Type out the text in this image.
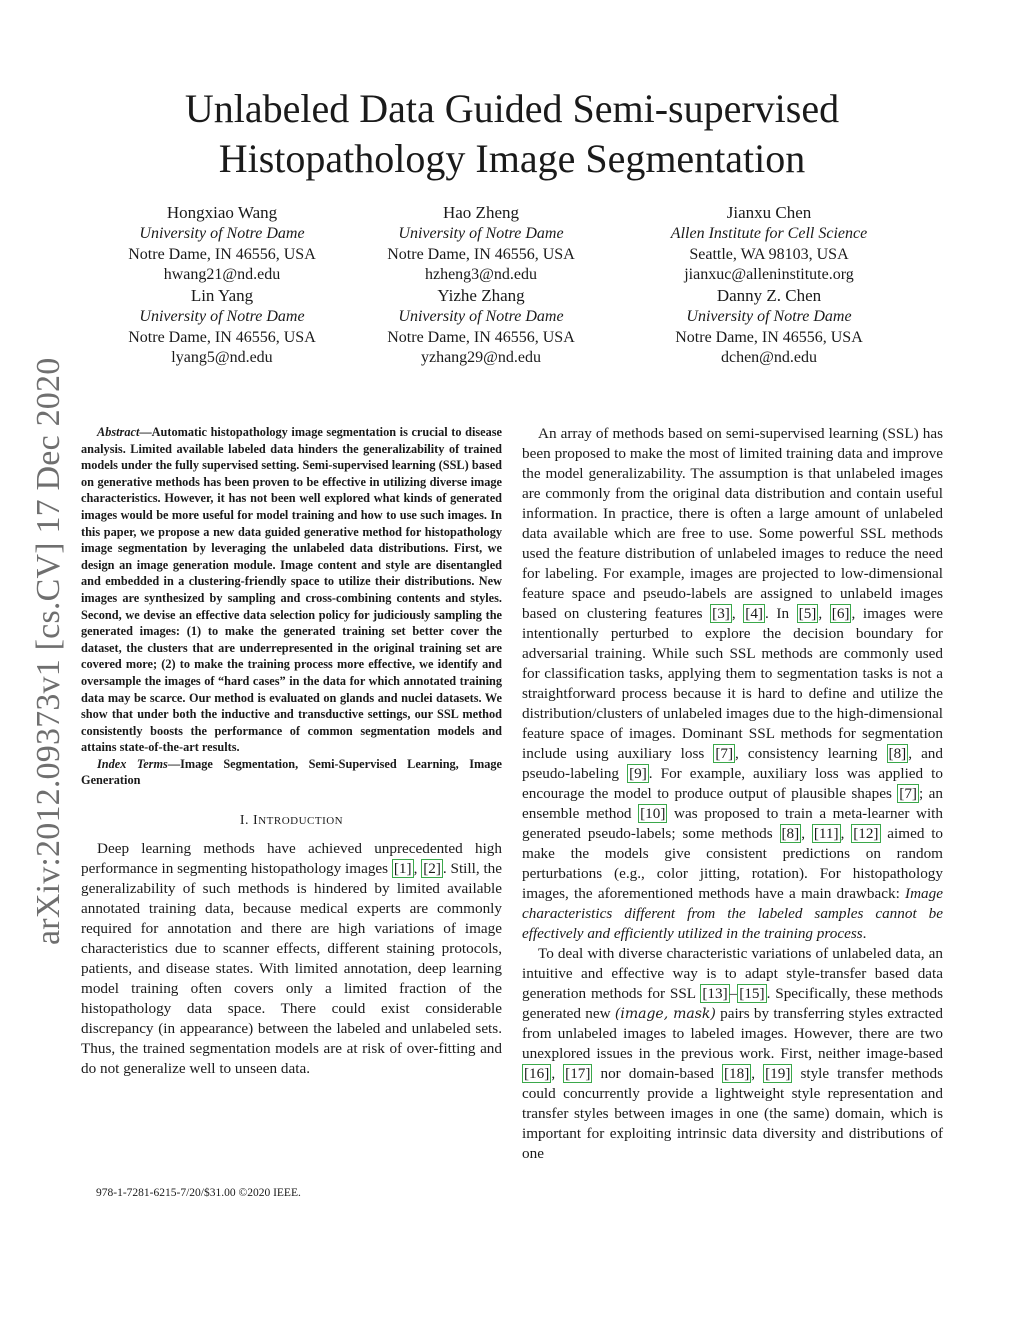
arXiv:2012.09373v1 [cs.CV] 17 Dec 2020
Unlabeled Data Guided Semi-supervised
Histopathology Image Segmentation
Hongxiao Wang
University of Notre Dame
Notre Dame, IN 46556, USA
hwang21@nd.edu
Hao Zheng
University of Notre Dame
Notre Dame, IN 46556, USA
hzheng3@nd.edu
Jianxu Chen
Allen Institute for Cell Science
Seattle, WA 98103, USA
jianxuc@alleninstitute.org
Lin Yang
University of Notre Dame
Notre Dame, IN 46556, USA
lyang5@nd.edu
Yizhe Zhang
University of Notre Dame
Notre Dame, IN 46556, USA
yzhang29@nd.edu
Danny Z. Chen
University of Notre Dame
Notre Dame, IN 46556, USA
dchen@nd.edu

Abstract—Automatic histopathology image segmentation is crucial to disease analysis. Limited available labeled data hinders the generalizability of trained models under the fully supervised setting. Semi-supervised learning (SSL) based on generative methods has been proven to be effective in utilizing diverse image characteristics. However, it has not been well explored what kinds of generated images would be more useful for model training and how to use such images. In this paper, we propose a new data guided generative method for histopathology image segmentation by leveraging the unlabeled data distributions. First, we design an image generation module. Image content and style are disentangled and embedded in a clustering-friendly space to utilize their distributions. New images are synthesized by sampling and cross-combining contents and styles. Second, we devise an effective data selection policy for judiciously sampling the generated images: (1) to make the generated training set better cover the dataset, the clusters that are underrepresented in the original training set are covered more; (2) to make the training process more effective, we identify and oversample the images of “hard cases” in the data for which annotated training data may be scarce. Our method is evaluated on glands and nuclei datasets. We show that under both the inductive and transductive settings, our SSL method consistently boosts the performance of common segmentation models and attains state-of-the-art results.

Index Terms—Image Segmentation, Semi-Supervised Learning, Image Generation

I. INTRODUCTION

Deep learning methods have achieved unprecedented high performance in segmenting histopathology images [1] , [2] . Still, the generalizability of such methods is hindered by limited available annotated training data, because medical experts are commonly required for annotation and there are high variations of image characteristics due to scanner effects, different staining protocols, patients, and disease states. With limited annotation, deep learning model training often covers only a limited fraction of the histopathology data space. There could exist considerable discrepancy (in appearance) between the labeled and unlabeled sets. Thus, the trained segmentation models are at risk of over-fitting and do not generalize well to unseen data.

978-1-7281-6215-7/20/$31.00 ©2020 IEEE.

An array of methods based on semi-supervised learning (SSL) has been proposed to make the most of limited training data and improve the model generalizability. The assumption is that unlabeled images are commonly from the original data distribution and contain useful information. In practice, there is often a large amount of unlabeled data available which are free to use. Some powerful SSL methods used the feature distribution of unlabeled images to reduce the need for labeling. For example, images are projected to low-dimensional feature space and pseudo-labels are assigned to unlabeld images based on clustering features [3] , [4] . In [5] , [6] , images were intentionally perturbed to explore the decision boundary for adversarial training. While such SSL methods are commonly used for classification tasks, applying them to segmentation tasks is not a straightforward process because it is hard to define and utilize the distribution/clusters of unlabeled images due to the high-dimensional feature space of images. Dominant SSL methods for segmentation include using auxiliary loss [7] , consistency learning [8] , and pseudo-labeling [9] . For example, auxiliary loss was applied to encourage the model to produce output of plausible shapes [7] ; an ensemble method [10] was proposed to train a meta-learner with generated pseudo-labels; some methods [8] , [11] , [12] aimed to make the models give consistent predictions on random perturbations (e.g., color jitting, rotation). For histopathology images, the aforementioned methods have a main drawback: Image characteristics different from the labeled samples cannot be effectively and efficiently utilized in the training process.

To deal with diverse characteristic variations of unlabeled data, an intuitive and effective way is to adapt style-transfer based data generation methods for SSL [13] – [15] . Specifically, these methods generated new (image, mask) pairs by transferring styles extracted from unlabeled images to labeled images. However, there are two unexplored issues in the previous work. First, neither image-based [16] , [17] nor domain-based [18] , [19] style transfer methods could concurrently provide a lightweight style representation and transfer styles between images in one (the same) domain, which is important for exploiting intrinsic data diversity and distributions of one
